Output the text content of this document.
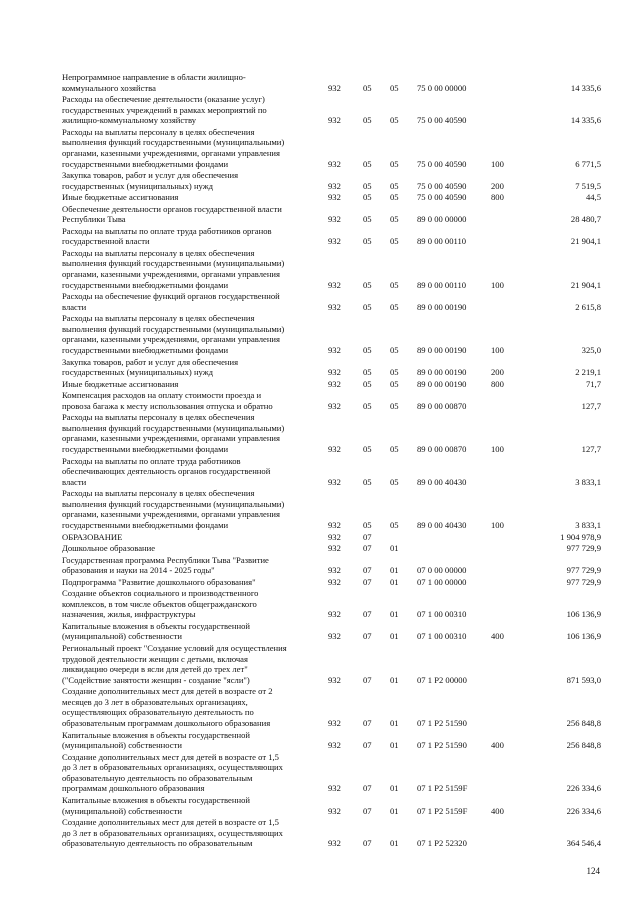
Непрограммное направление в области жилищно-
коммунального хозяйства	932	05 05 75 0 00 00000	14 335,6
Расходы на обеспечение деятельности (оказание услуг)
государственных учреждений в рамках мероприятий по
жилищно-коммунальному хозяйству	932	05 05 75 0 00 40590	14 335,6
Расходы на выплаты персоналу в целях обеспечения
выполнения функций государственными (муниципальными)
органами, казенными учреждениями, органами управления
государственными внебюджетными фондами	932	05 05 75 0 00 40590	100	6 771,5
Закупка товаров, работ и услуг для обеспечения
государственных (муниципальных) нужд	932	05 05 75 0 00 40590	200	7 519,5
Иные бюджетные ассигнования	932	05 05 75 0 00 40590	800	44,5
Обеспечение деятельности органов государственной власти
Республики Тыва	932	05 05 89 0 00 00000	28 480,7
Расходы на выплаты по оплате труда работников органов
государственной власти	932	05 05 89 0 00 00110	21 904,1
Расходы на выплаты персоналу в целях обеспечения
выполнения функций государственными (муниципальными)
органами, казенными учреждениями, органами управления
государственными внебюджетными фондами	932	05 05 89 0 00 00110	100	21 904,1
Расходы на обеспечение функций органов государственной
власти	932	05 05 89 0 00 00190	2 615,8
Расходы на выплаты персоналу в целях обеспечения
выполнения функций государственными (муниципальными)
органами, казенными учреждениями, органами управления
государственными внебюджетными фондами	932	05 05 89 0 00 00190	100	325,0
Закупка товаров, работ и услуг для обеспечения
государственных (муниципальных) нужд	932	05 05 89 0 00 00190	200	2 219,1
Иные бюджетные ассигнования	932	05 05 89 0 00 00190	800	71,7
Компенсация расходов на оплату стоимости проезда и
провоза багажа к месту использования отпуска и обратно	932	05 05 89 0 00 00870	127,7
Расходы на выплаты персоналу в целях обеспечения
выполнения функций государственными (муниципальными)
органами, казенными учреждениями, органами управления
государственными внебюджетными фондами	932	05 05 89 0 00 00870	100	127,7
Расходы на выплаты по оплате труда работников
обеспечивающих деятельность органов государственной
власти	932	05 05 89 0 00 40430	3 833,1
Расходы на выплаты персоналу в целях обеспечения
выполнения функций государственными (муниципальными)
органами, казенными учреждениями, органами управления
государственными внебюджетными фондами	932	05 05 89 0 00 40430	100	3 833,1
ОБРАЗОВАНИЕ	932	07	1 904 978,9
Дошкольное образование	932	07 01	977 729,9
Государственная программа Республики Тыва "Развитие
образования и науки на 2014 - 2025 годы"	932	07 01 07 0 00 00000	977 729,9
Подпрограмма "Развитие дошкольного образования"	932	07 01 07 1 00 00000	977 729,9
Создание объектов социального и производственного
комплексов, в том числе объектов общегражданского
назначения, жилья, инфраструктуры	932	07 01 07 1 00 00310	106 136,9
Капитальные вложения в объекты государственной
(муниципальной) собственности	932	07 01 07 1 00 00310	400	106 136,9
Региональный проект "Создание условий для осуществления
трудовой деятельности женщин с детьми, включая
ликвидацию очереди в ясли для детей до трех лет"
("Содействие занятости женщин - создание "ясли")	932	07 01 07 1 P2 00000	871 593,0
Создание дополнительных мест для детей в возрасте от 2
месяцев до 3 лет в образовательных организациях,
осуществляющих образовательную деятельность по
образовательным программам дошкольного образования	932	07 01 07 1 P2 51590	256 848,8
Капитальные вложения в объекты государственной
(муниципальной) собственности	932	07 01 07 1 P2 51590	400	256 848,8
Создание дополнительных мест для детей в возрасте от 1,5
до 3 лет в образовательных организациях, осуществляющих
образовательную деятельность по образовательным
программам дошкольного образования	932	07 01 07 1 P2 5159F	226 334,6
Капитальные вложения в объекты государственной
(муниципальной) собственности	932	07 01 07 1 P2 5159F	400	226 334,6
Создание дополнительных мест для детей в возрасте от 1,5
до 3 лет в образовательных организациях, осуществляющих
образовательную деятельность по образовательным	932	07 01 07 1 P2 52320	364 546,4
124
